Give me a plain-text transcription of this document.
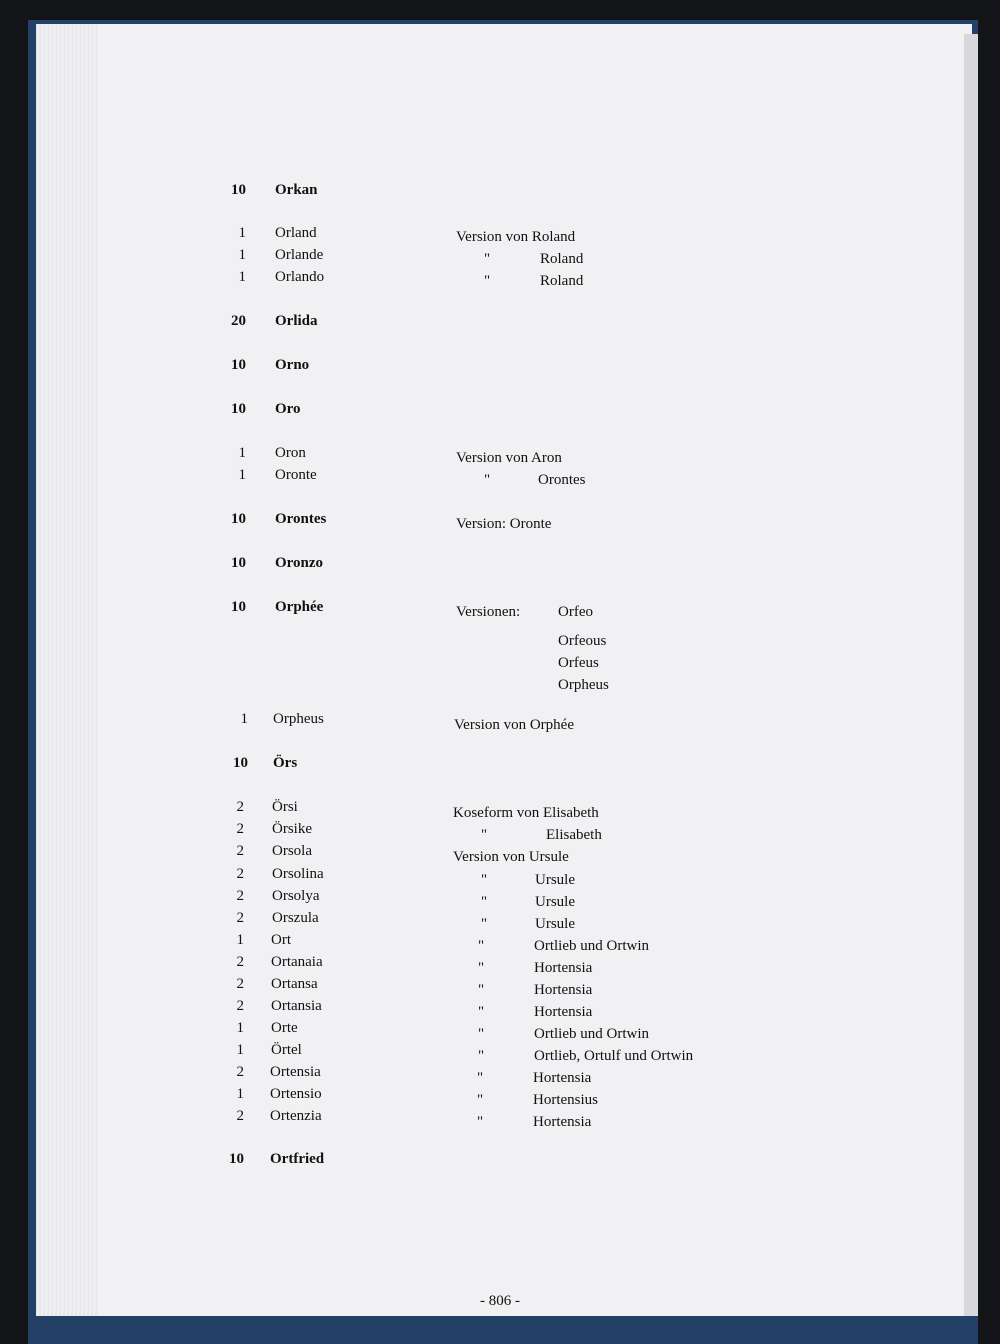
10 Orkan
1 Orland	Version von Roland
1 Orlande	"	Roland
1 Orlando	"	Roland
20 Orlida
10 Orno
10 Oro
1 Oron	Version von Aron
1 Oronte	"	Orontes
10 Orontes	Version: Oronte
10 Oronzo
10 Orphée	Versionen:	Orfeo
Orfeous
Orfeus
Orpheus
1 Orpheus	Version von Orphée
10 Örs
2 Örsi	Koseform von Elisabeth
2 Örsike	"	Elisabeth
2 Orsola	Version von Ursule
2 Orsolina	"	Ursule
2 Orsolya	"	Ursule
2 Orszula	"	Ursule
1 Ort	"	Ortlieb und Ortwin
2 Ortanaia	"	Hortensia
2 Ortansa	"	Hortensia
2 Ortansia	"	Hortensia
1 Orte	"	Ortlieb und Ortwin
1 Örtel	"	Ortlieb, Ortulf und Ortwin
2 Ortensia	"	Hortensia
1 Ortensio	"	Hortensius
2 Ortenzia	"	Hortensia
10 Ortfried
- 806 -
